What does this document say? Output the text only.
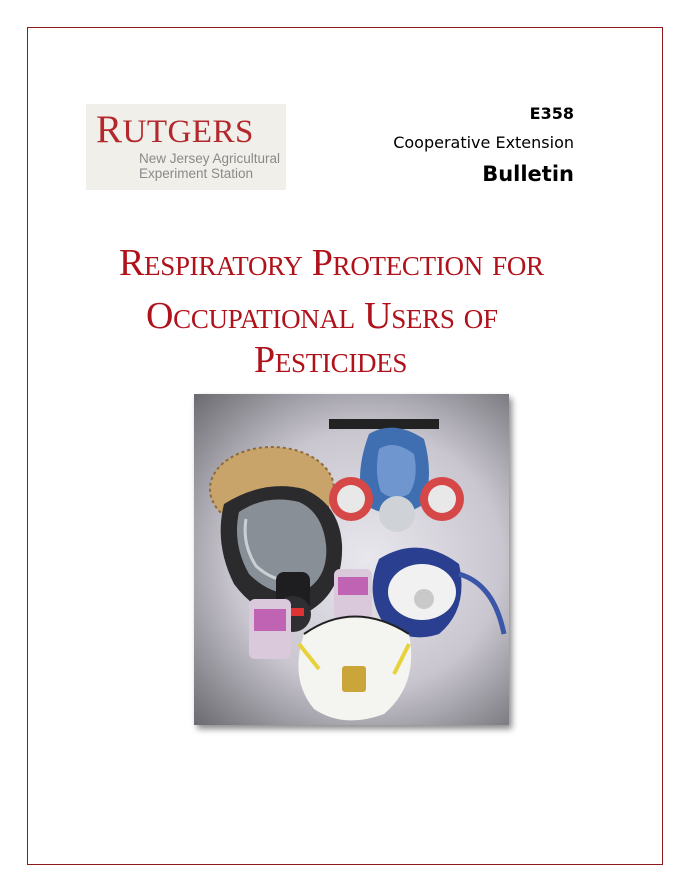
RUTGERS
New Jersey Agricultural
Experiment Station
E358
Cooperative Extension
Bulletin
Respiratory Protection for
Occupational Users of
Pesticides
